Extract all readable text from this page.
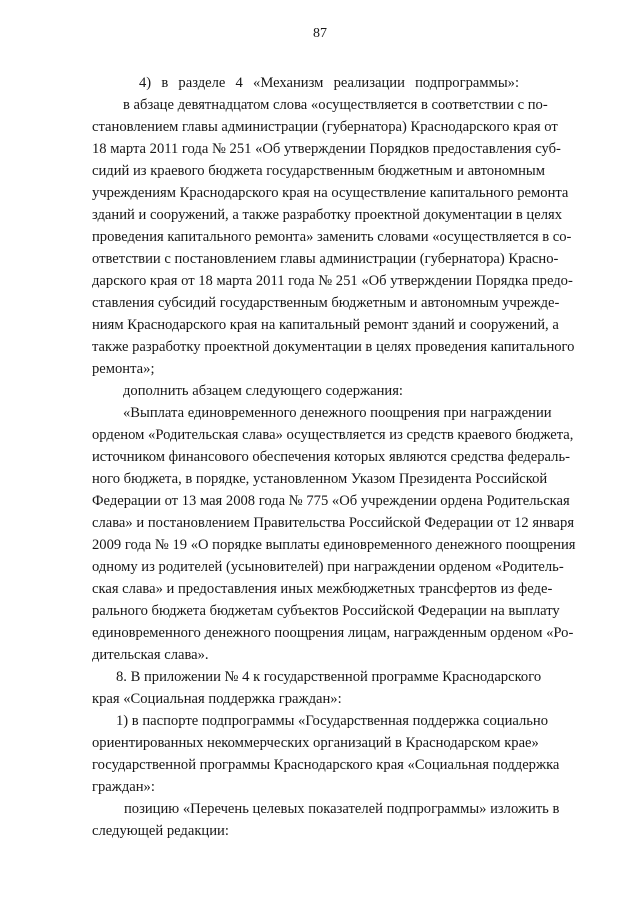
87
4) в разделе 4 «Механизм реализации подпрограммы»:
в абзаце девятнадцатом слова «осуществляется в соответствии с по-
становлением главы администрации (губернатора) Краснодарского края от
18 марта 2011 года № 251 «Об утверждении Порядков предоставления суб-
сидий из краевого бюджета государственным бюджетным и автономным
учреждениям Краснодарского края на осуществление капитального ремонта
зданий и сооружений, а также разработку проектной документации в целях
проведения капитального ремонта» заменить словами «осуществляется в со-
ответствии с постановлением главы администрации (губернатора) Красно-
дарского края от 18 марта 2011 года № 251 «Об утверждении Порядка предо-
ставления субсидий государственным бюджетным и автономным учрежде-
ниям Краснодарского края на капитальный ремонт зданий и сооружений, а
также разработку проектной документации в целях проведения капитального
ремонта»;
дополнить абзацем следующего содержания:
«Выплата единовременного денежного поощрения при награждении
орденом «Родительская слава» осуществляется из средств краевого бюджета,
источником финансового обеспечения которых являются средства федераль-
ного бюджета, в порядке, установленном Указом Президента Российской
Федерации от 13 мая 2008 года № 775 «Об учреждении ордена Родительская
слава» и постановлением Правительства Российской Федерации от 12 января
2009 года № 19 «О порядке выплаты единовременного денежного поощрения
одному из родителей (усыновителей) при награждении орденом «Родитель-
ская слава» и предоставления иных межбюджетных трансфертов из феде-
рального бюджета бюджетам субъектов Российской Федерации на выплату
единовременного денежного поощрения лицам, награжденным орденом «Ро-
дительская слава».
8. В приложении № 4 к государственной программе Краснодарского
края «Социальная поддержка граждан»:
1) в паспорте подпрограммы «Государственная поддержка социально
ориентированных некоммерческих организаций в Краснодарском крае»
государственной программы Краснодарского края «Социальная поддержка
граждан»:
позицию «Перечень целевых показателей подпрограммы» изложить в
следующей редакции:
